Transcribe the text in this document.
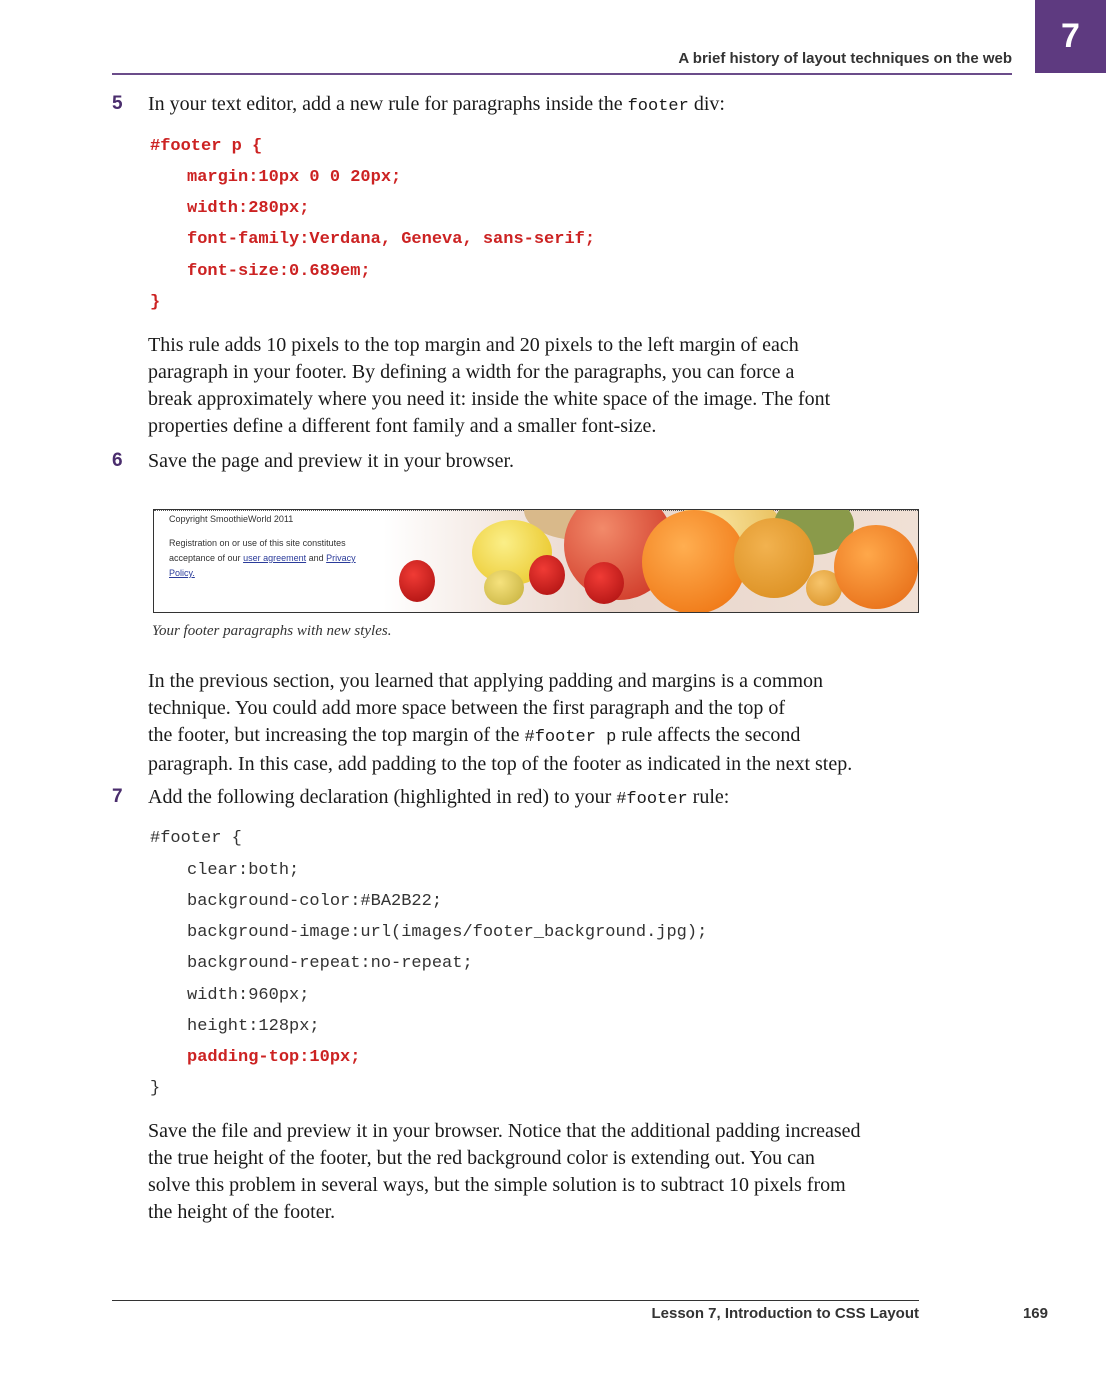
A brief history of layout techniques on the web
7
5 In your text editor, add a new rule for paragraphs inside the footer div:
#footer p {
margin:10px 0 0 20px;
width:280px;
font-family:Verdana, Geneva, sans-serif;
font-size:0.689em;
}
This rule adds 10 pixels to the top margin and 20 pixels to the left margin of each
paragraph in your footer. By defining a width for the paragraphs, you can force a
break approximately where you need it: inside the white space of the image. The font
properties define a different font family and a smaller font-size.
6 Save the page and preview it in your browser.
Copyright SmoothieWorld 2011
Registration on or use of this site constitutes
acceptance of our user agreement and Privacy
Policy.
Your footer paragraphs with new styles.
In the previous section, you learned that applying padding and margins is a common
technique. You could add more space between the first paragraph and the top of
the footer, but increasing the top margin of the #footer p rule affects the second
paragraph. In this case, add padding to the top of the footer as indicated in the next step.
7 Add the following declaration (highlighted in red) to your #footer rule:
#footer {
clear:both;
background-color:#BA2B22;
background-image:url(images/footer_background.jpg);
background-repeat:no-repeat;
width:960px;
height:128px;
padding-top:10px;
}
Save the file and preview it in your browser. Notice that the additional padding increased
the true height of the footer, but the red background color is extending out. You can
solve this problem in several ways, but the simple solution is to subtract 10 pixels from
the height of the footer.
Lesson 7, Introduction to CSS Layout	169
